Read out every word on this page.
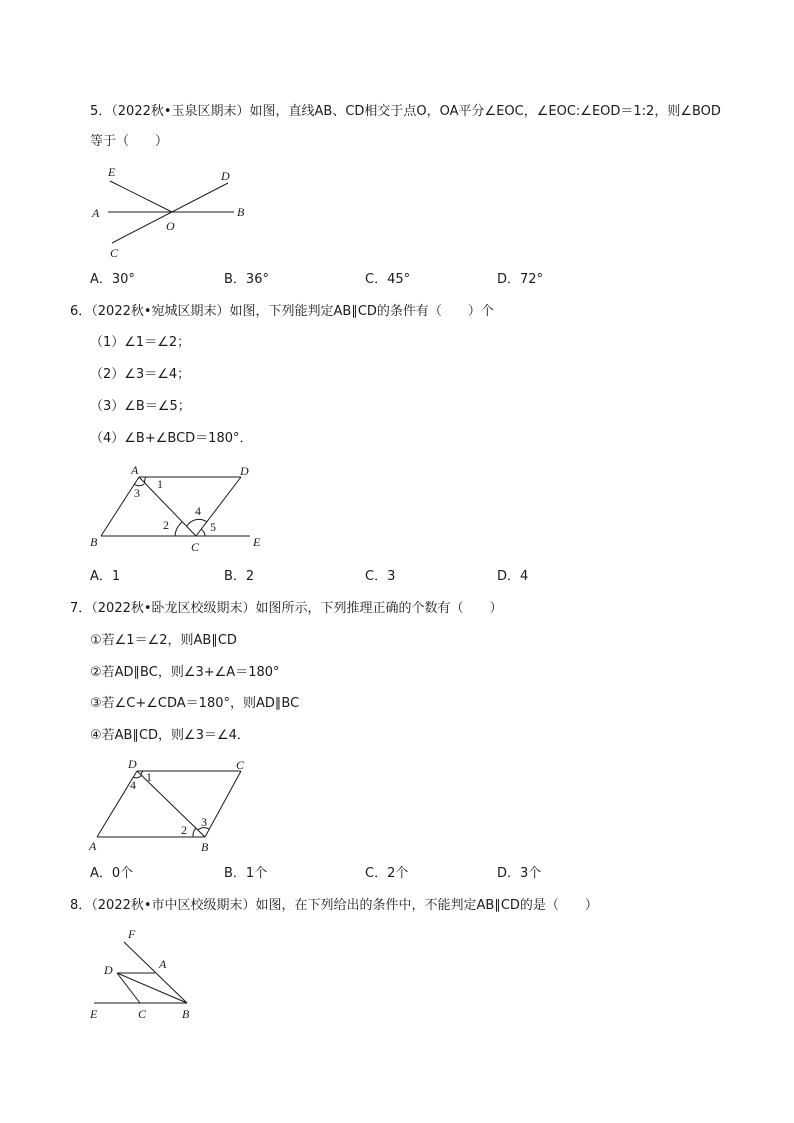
5．（2022秋•玉泉区期末）如图，直线AB、CD相交于点O，OA平分∠EOC，∠EOC:∠EOD＝1:2，则∠BOD
等于（　　）
E	D
A	B
O
C
A．30°	B．36°	C．45°	D．72°
6．（2022秋•宛城区期末）如图，下列能判定AB∥CD的条件有（　　）个
（1）∠1＝∠2；
（2）∠3＝∠4；
（3）∠B＝∠5；
（4）∠B+∠BCD＝180°．
A	D
B	C	E
1
3
2
4
5
A．1	B．2	C．3	D．4
7．（2022秋•卧龙区校级期末）如图所示，下列推理正确的个数有（　　）
①若∠1＝∠2，则AB∥CD
②若AD∥BC，则∠3+∠A＝180°
③若∠C+∠CDA＝180°，则AD∥BC
④若AB∥CD，则∠3＝∠4．
D	C
A	B
1
4
2
3
A．0个	B．1个	C．2个	D．3个
8．（2022秋•市中区校级期末）如图，在下列给出的条件中，不能判定AB∥CD的是（　　）
F
D	A
E	C	B
